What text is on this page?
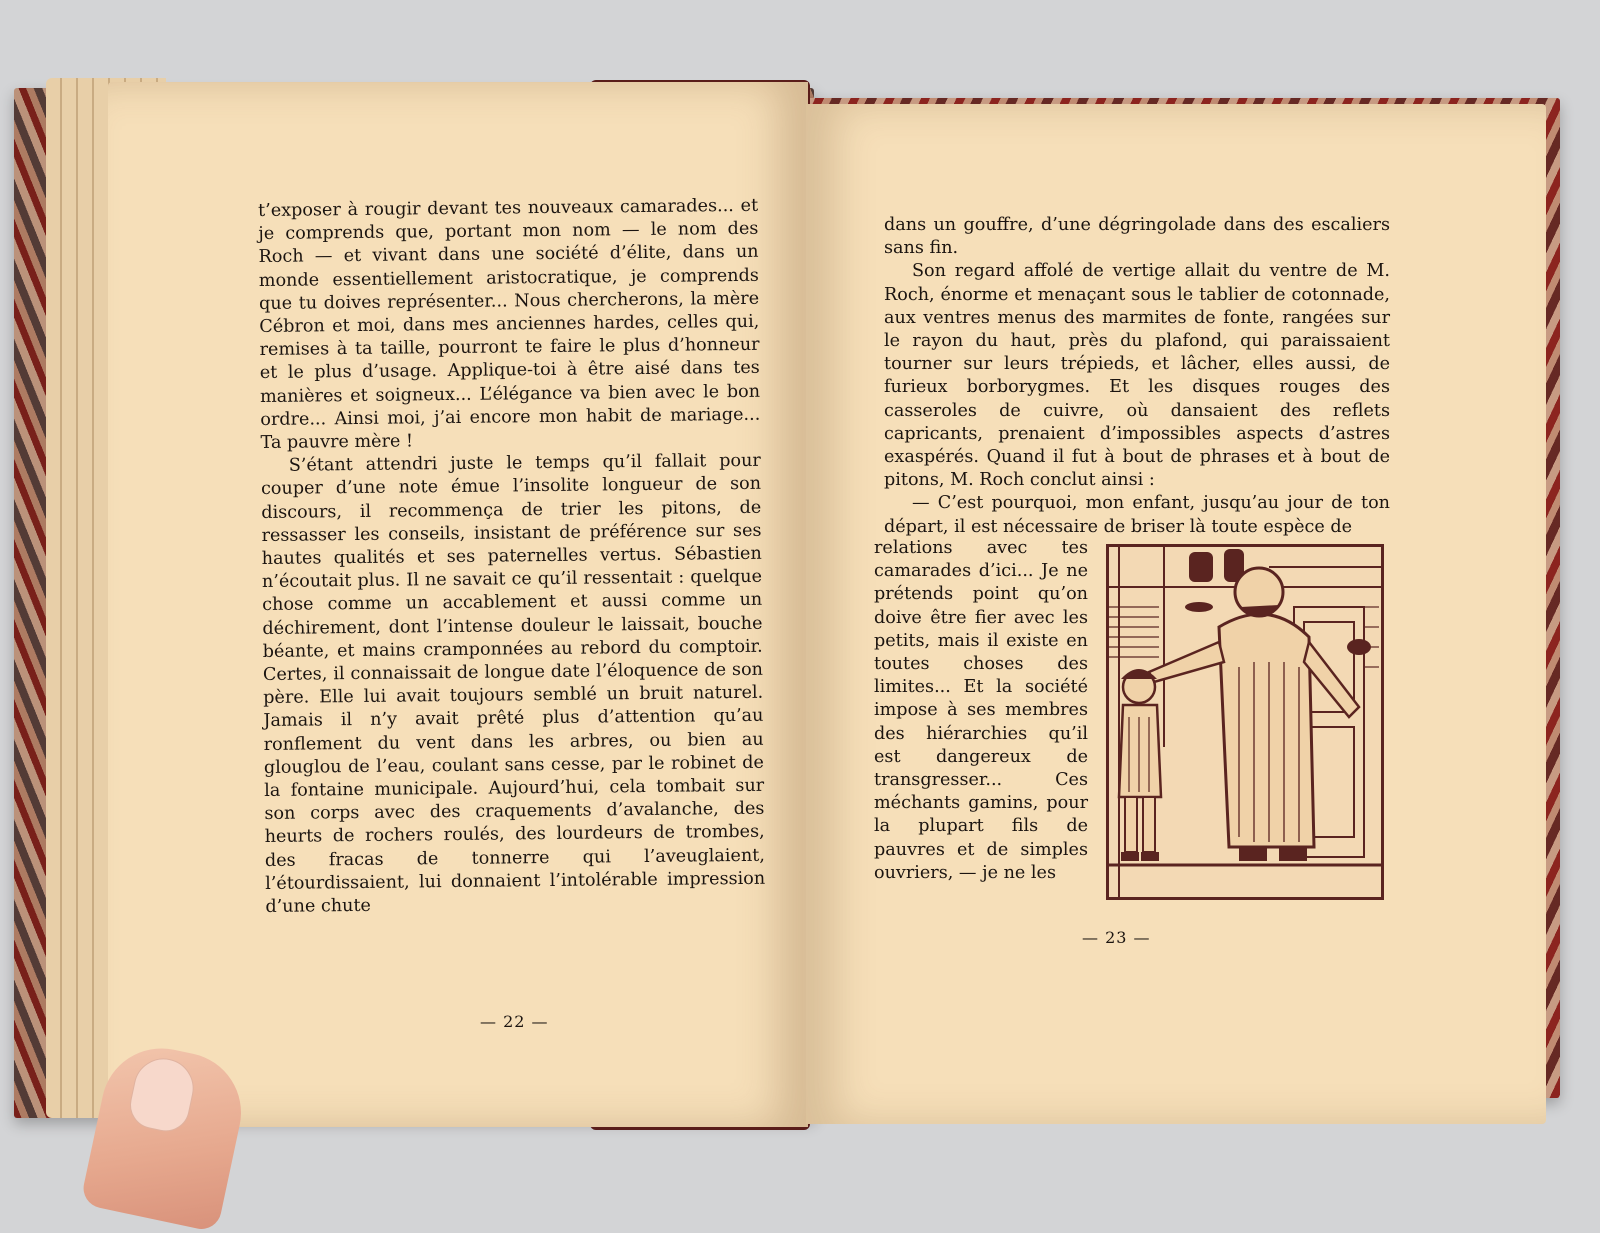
t’exposer à rougir devant tes nouveaux camarades... et je comprends que, portant mon nom — le nom des Roch — et vivant dans une société d’élite, dans un monde essentiellement aristocratique, je comprends que tu doives représenter... Nous chercherons, la mère Cébron et moi, dans mes anciennes hardes, celles qui, remises à ta taille, pourront te faire le plus d’honneur et le plus d’usage. Applique-toi à être aisé dans tes manières et soigneux... L’élégance va bien avec le bon ordre... Ainsi moi, j’ai encore mon habit de mariage... Ta pauvre mère !

S’étant attendri juste le temps qu’il fallait pour couper d’une note émue l’insolite longueur de son discours, il recommença de trier les pitons, de ressasser les conseils, insistant de préférence sur ses hautes qualités et ses paternelles vertus. Sébastien n’écoutait plus. Il ne savait ce qu’il ressentait : quelque chose comme un accablement et aussi comme un déchirement, dont l’intense douleur le laissait, bouche béante, et mains cramponnées au rebord du comptoir. Certes, il connaissait de longue date l’éloquence de son père. Elle lui avait toujours semblé un bruit naturel. Jamais il n’y avait prêté plus d’attention qu’au ronflement du vent dans les arbres, ou bien au glouglou de l’eau, coulant sans cesse, par le robinet de la fontaine municipale. Aujourd’hui, cela tombait sur son corps avec des craquements d’avalanche, des heurts de rochers roulés, des lourdeurs de trombes, des fracas de tonnerre qui l’aveuglaient, l’étourdissaient, lui donnaient l’intolérable impression d’une chute

— 22 —

dans un gouffre, d’une dégringolade dans des escaliers sans fin.

Son regard affolé de vertige allait du ventre de M. Roch, énorme et menaçant sous le tablier de cotonnade, aux ventres menus des marmites de fonte, rangées sur le rayon du haut, près du plafond, qui paraissaient tourner sur leurs trépieds, et lâcher, elles aussi, de furieux borborygmes. Et les disques rouges des casseroles de cuivre, où dansaient des reflets capricants, prenaient d’impossibles aspects d’astres exaspérés. Quand il fut à bout de phrases et à bout de pitons, M. Roch conclut ainsi :

— C’est pourquoi, mon enfant, jusqu’au jour de ton départ, il est nécessaire de briser là toute espèce de

relations avec tes camarades d’ici... Je ne prétends point qu’on doive être fier avec les petits, mais il existe en toutes choses des limites... Et la société impose à ses membres des hiérarchies qu’il est dangereux de transgresser... Ces méchants gamins, pour la plupart fils de pauvres et de simples ouvriers, — je ne les
— 23 —
